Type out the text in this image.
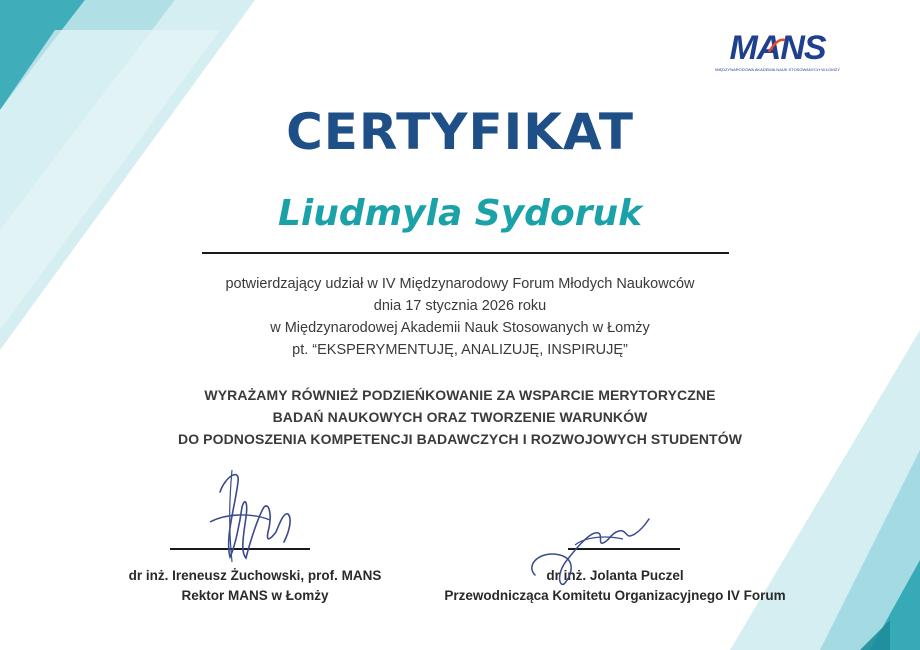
MANS
MIĘDZYNARODOWA AKADEMIA NAUK STOSOWANYCH W ŁOMŻY
CERTYFIKAT
Liudmyla Sydoruk
potwierdzający udział w IV Międzynarodowy Forum Młodych Naukowców
dnia 17 stycznia 2026 roku
w Międzynarodowej Akademii Nauk Stosowanych w Łomży
pt. “EKSPERYMENTUJĘ, ANALIZUJĘ, INSPIRUJĘ”
WYRAŻAMY RÓWNIEŻ PODZIEŃKOWANIE ZA WSPARCIE MERYTORYCZNE
BADAŃ NAUKOWYCH ORAZ TWORZENIE WARUNKÓW
DO PODNOSZENIA KOMPETENCJI BADAWCZYCH I ROZWOJOWYCH STUDENTÓW
dr inż. Ireneusz Żuchowski, prof. MANS
Rektor MANS w Łomży
dr inż. Jolanta Puczel
Przewodnicząca Komitetu Organizacyjnego IV Forum
